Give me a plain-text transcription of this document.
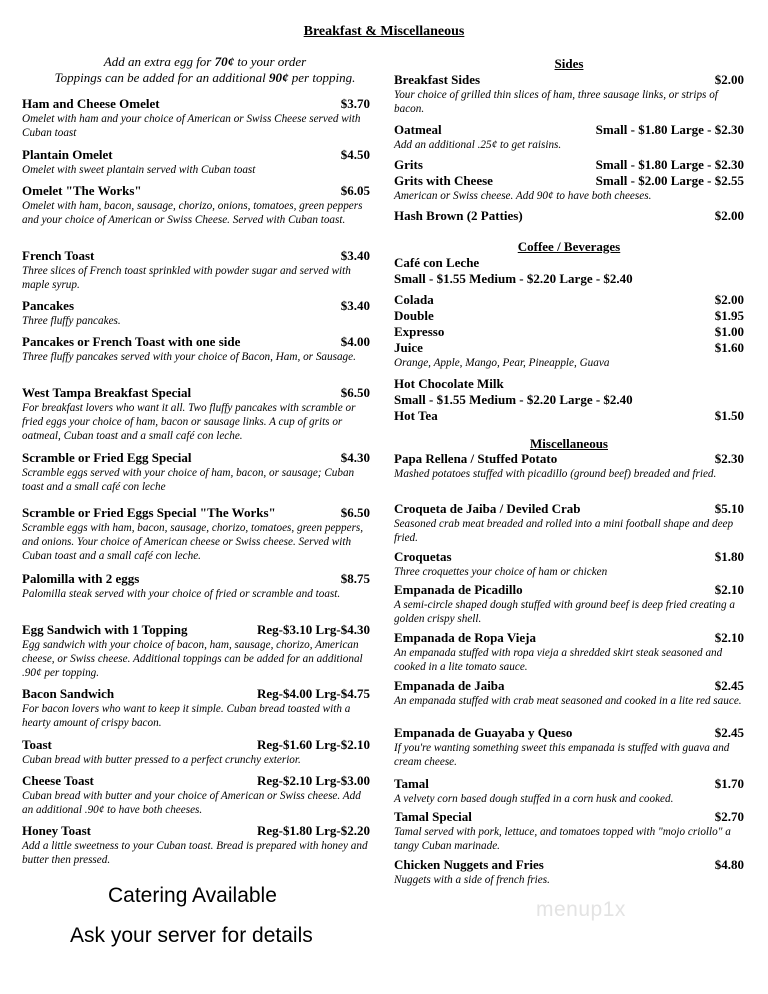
Breakfast & Miscellaneous
Add an extra egg for 70¢ to your order
Toppings can be added for an additional 90¢ per topping.
Ham and Cheese Omelet	$3.70
Omelet with ham and your choice of American or Swiss Cheese served with Cuban toast
Plantain Omelet	$4.50
Omelet with sweet plantain served with Cuban toast
Omelet "The Works"	$6.05
Omelet with ham, bacon, sausage, chorizo, onions, tomatoes, green peppers and your choice of American or Swiss Cheese. Served with Cuban toast.
French Toast	$3.40
Three slices of French toast sprinkled with powder sugar and served with maple syrup.
Pancakes	$3.40
Three fluffy pancakes.
Pancakes or French Toast with one side	$4.00
Three fluffy pancakes served with your choice of Bacon, Ham, or Sausage.
West Tampa Breakfast Special	$6.50
For breakfast lovers who want it all. Two fluffy pancakes with scramble or fried eggs your choice of ham, bacon or sausage links. A cup of grits or oatmeal, Cuban toast and a small café con leche.
Scramble or Fried Egg Special	$4.30
Scramble eggs served with your choice of ham, bacon, or sausage; Cuban toast and a small café con leche
Scramble or Fried Eggs Special "The Works"	$6.50
Scramble eggs with ham, bacon, sausage, chorizo, tomatoes, green peppers, and onions. Your choice of American cheese or Swiss cheese. Served with Cuban toast and a small café con leche.
Palomilla with 2 eggs	$8.75
Palomilla steak served with your choice of fried or scramble and toast.
Egg Sandwich with 1 Topping	Reg-$3.10 Lrg-$4.30
Egg sandwich with your choice of bacon, ham, sausage, chorizo, American cheese, or Swiss cheese. Additional toppings can be added for an additional .90¢ per topping.
Bacon Sandwich	Reg-$4.00 Lrg-$4.75
For bacon lovers who want to keep it simple. Cuban bread toasted with a hearty amount of crispy bacon.
Toast	Reg-$1.60 Lrg-$2.10
Cuban bread with butter pressed to a perfect crunchy exterior.
Cheese Toast	Reg-$2.10 Lrg-$3.00
Cuban bread with butter and your choice of American or Swiss cheese. Add an additional .90¢ to have both cheeses.
Honey Toast	Reg-$1.80 Lrg-$2.20
Add a little sweetness to your Cuban toast. Bread is prepared with honey and butter then pressed.
Sides
Breakfast Sides	$2.00
Your choice of grilled thin slices of ham, three sausage links, or strips of bacon.
Oatmeal	Small - $1.80 Large - $2.30
Add an additional .25¢ to get raisins.
Grits	Small - $1.80 Large - $2.30
Grits with Cheese	Small - $2.00 Large - $2.55
American or Swiss cheese. Add 90¢ to have both cheeses.
Hash Brown (2 Patties)	$2.00
Coffee / Beverages
Café con Leche
Small - $1.55 Medium - $2.20 Large - $2.40
Colada	$2.00
Double	$1.95
Expresso	$1.00
Juice	$1.60
Orange, Apple, Mango, Pear, Pineapple, Guava
Hot Chocolate Milk
Small - $1.55 Medium - $2.20 Large - $2.40
Hot Tea	$1.50
Miscellaneous
Papa Rellena / Stuffed Potato	$2.30
Mashed potatoes stuffed with picadillo (ground beef) breaded and fried.
Croqueta de Jaiba / Deviled Crab	$5.10
Seasoned crab meat breaded and rolled into a mini football shape and deep fried.
Croquetas	$1.80
Three croquettes your choice of ham or chicken
Empanada de Picadillo	$2.10
A semi-circle shaped dough stuffed with ground beef is deep fried creating a golden crispy shell.
Empanada de Ropa Vieja	$2.10
An empanada stuffed with ropa vieja a shredded skirt steak seasoned and cooked in a lite tomato sauce.
Empanada de Jaiba	$2.45
An empanada stuffed with crab meat seasoned and cooked in a lite red sauce.
Empanada de Guayaba y Queso	$2.45
If you're wanting something sweet this empanada is stuffed with guava and cream cheese.
Tamal	$1.70
A velvety corn based dough stuffed in a corn husk and cooked.
Tamal Special	$2.70
Tamal served with pork, lettuce, and tomatoes topped with "mojo criollo" a tangy Cuban marinade.
Chicken Nuggets and Fries	$4.80
Nuggets with a side of french fries.
Catering Available
Ask your server for details
menup1x
